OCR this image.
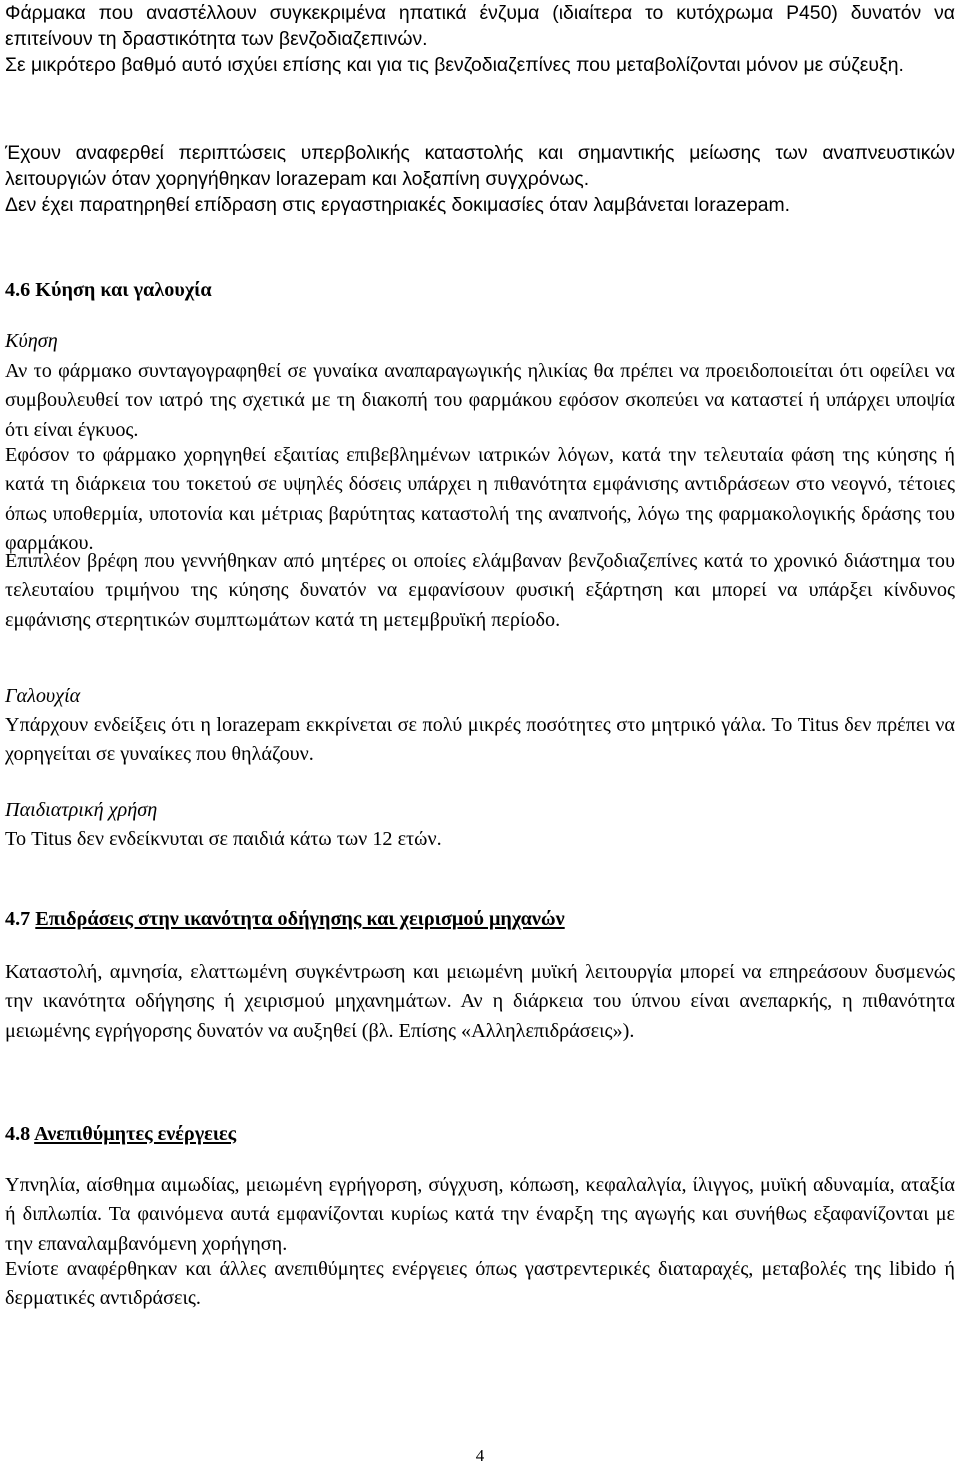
Φάρμακα που αναστέλλουν συγκεκριμένα ηπατικά ένζυμα (ιδιαίτερα το κυτόχρωμα P450) δυνατόν να επιτείνουν τη δραστικότητα των βενζοδιαζεπινών.

Σε μικρότερο βαθμό αυτό ισχύει επίσης και για τις βενζοδιαζεπίνες που μεταβολίζονται μόνον με σύζευξη.

Έχουν αναφερθεί περιπτώσεις υπερβολικής καταστολής και σημαντικής μείωσης των αναπνευστικών λειτουργιών όταν χορηγήθηκαν lorazepam και λοξαπίνη συγχρόνως.

Δεν έχει παρατηρηθεί επίδραση στις εργαστηριακές δοκιμασίες όταν λαμβάνεται lorazepam.

4.6 Κύηση και γαλουχία

Κύηση

Αν το φάρμακο συνταγογραφηθεί σε γυναίκα αναπαραγωγικής ηλικίας θα πρέπει να προειδοποιείται ότι οφείλει να συμβουλευθεί τον ιατρό της σχετικά με τη διακοπή του φαρμάκου εφόσον σκοπεύει να καταστεί ή υπάρχει υποψία ότι είναι έγκυος.

Εφόσον το φάρμακο χορηγηθεί εξαιτίας επιβεβλημένων ιατρικών λόγων, κατά την τελευταία φάση της κύησης ή κατά τη διάρκεια του τοκετού σε υψηλές δόσεις υπάρχει η πιθανότητα εμφάνισης αντιδράσεων στο νεογνό, τέτοιες όπως υποθερμία, υποτονία και μέτριας βαρύτητας καταστολή της αναπνοής, λόγω της φαρμακολογικής δράσης του φαρμάκου.

Επιπλέον βρέφη που γεννήθηκαν από μητέρες οι οποίες ελάμβαναν βενζοδιαζεπίνες κατά το χρονικό διάστημα του τελευταίου τριμήνου της κύησης δυνατόν να εμφανίσουν φυσική εξάρτηση και μπορεί να υπάρξει κίνδυνος εμφάνισης στερητικών συμπτωμάτων κατά τη μετεμβρυϊκή περίοδο.

Γαλουχία

Υπάρχουν ενδείξεις ότι η lorazepam εκκρίνεται σε πολύ μικρές ποσότητες στο μητρικό γάλα. Το Titus δεν πρέπει να χορηγείται σε γυναίκες που θηλάζουν.

Παιδιατρική χρήση

Το Titus δεν ενδείκνυται σε παιδιά κάτω των 12 ετών.

4.7 Επιδράσεις στην ικανότητα οδήγησης και χειρισμού μηχανών

Καταστολή, αμνησία, ελαττωμένη συγκέντρωση και μειωμένη μυϊκή λειτουργία μπορεί να επηρεάσουν δυσμενώς την ικανότητα οδήγησης ή χειρισμού μηχανημάτων. Αν η διάρκεια του ύπνου είναι ανεπαρκής, η πιθανότητα μειωμένης εγρήγορσης δυνατόν να αυξηθεί (βλ. Επίσης «Αλληλεπιδράσεις»).

4.8 Ανεπιθύμητες ενέργειες

Υπνηλία, αίσθημα αιμωδίας, μειωμένη εγρήγορση, σύγχυση, κόπωση, κεφαλαλγία, ίλιγγος, μυϊκή αδυναμία, αταξία ή διπλωπία. Τα φαινόμενα αυτά εμφανίζονται κυρίως κατά την έναρξη της αγωγής και συνήθως εξαφανίζονται με την επαναλαμβανόμενη χορήγηση.

Ενίοτε αναφέρθηκαν και άλλες ανεπιθύμητες ενέργειες όπως γαστρεντερικές διαταραχές, μεταβολές της libido ή δερματικές αντιδράσεις.

4
